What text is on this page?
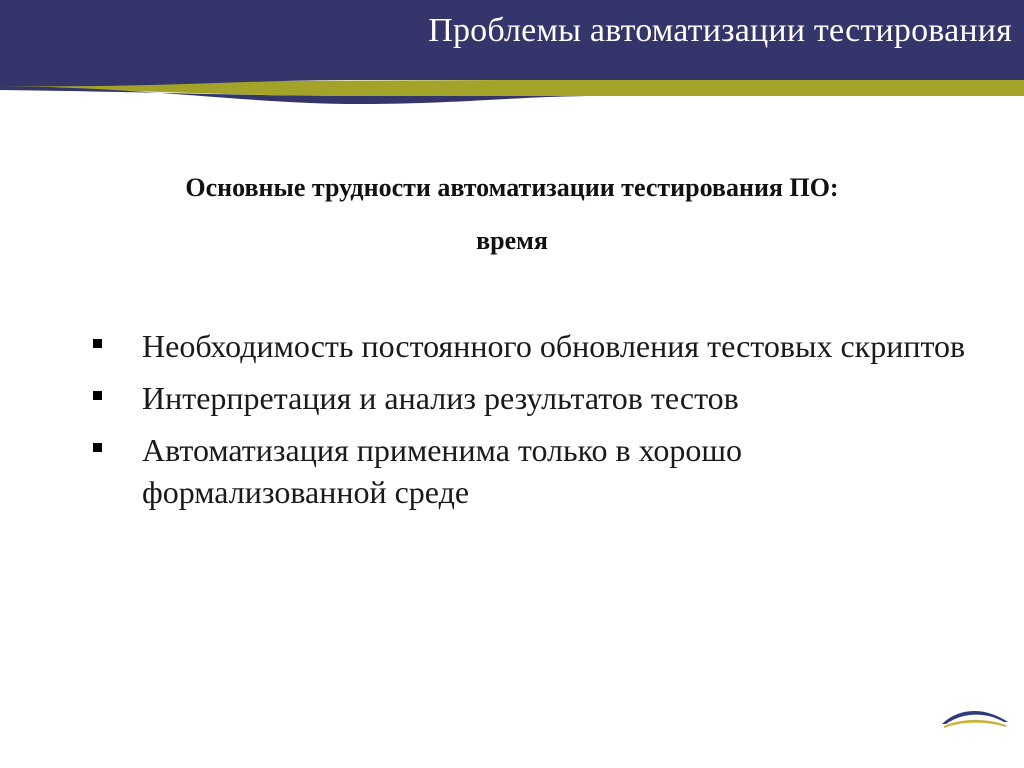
Проблемы автоматизации тестирования
Основные трудности автоматизации тестирования ПО:
время
Необходимость постоянного обновления тестовых скриптов
Интерпретация и анализ результатов тестов
Автоматизация применима только в хорошо формализованной среде
